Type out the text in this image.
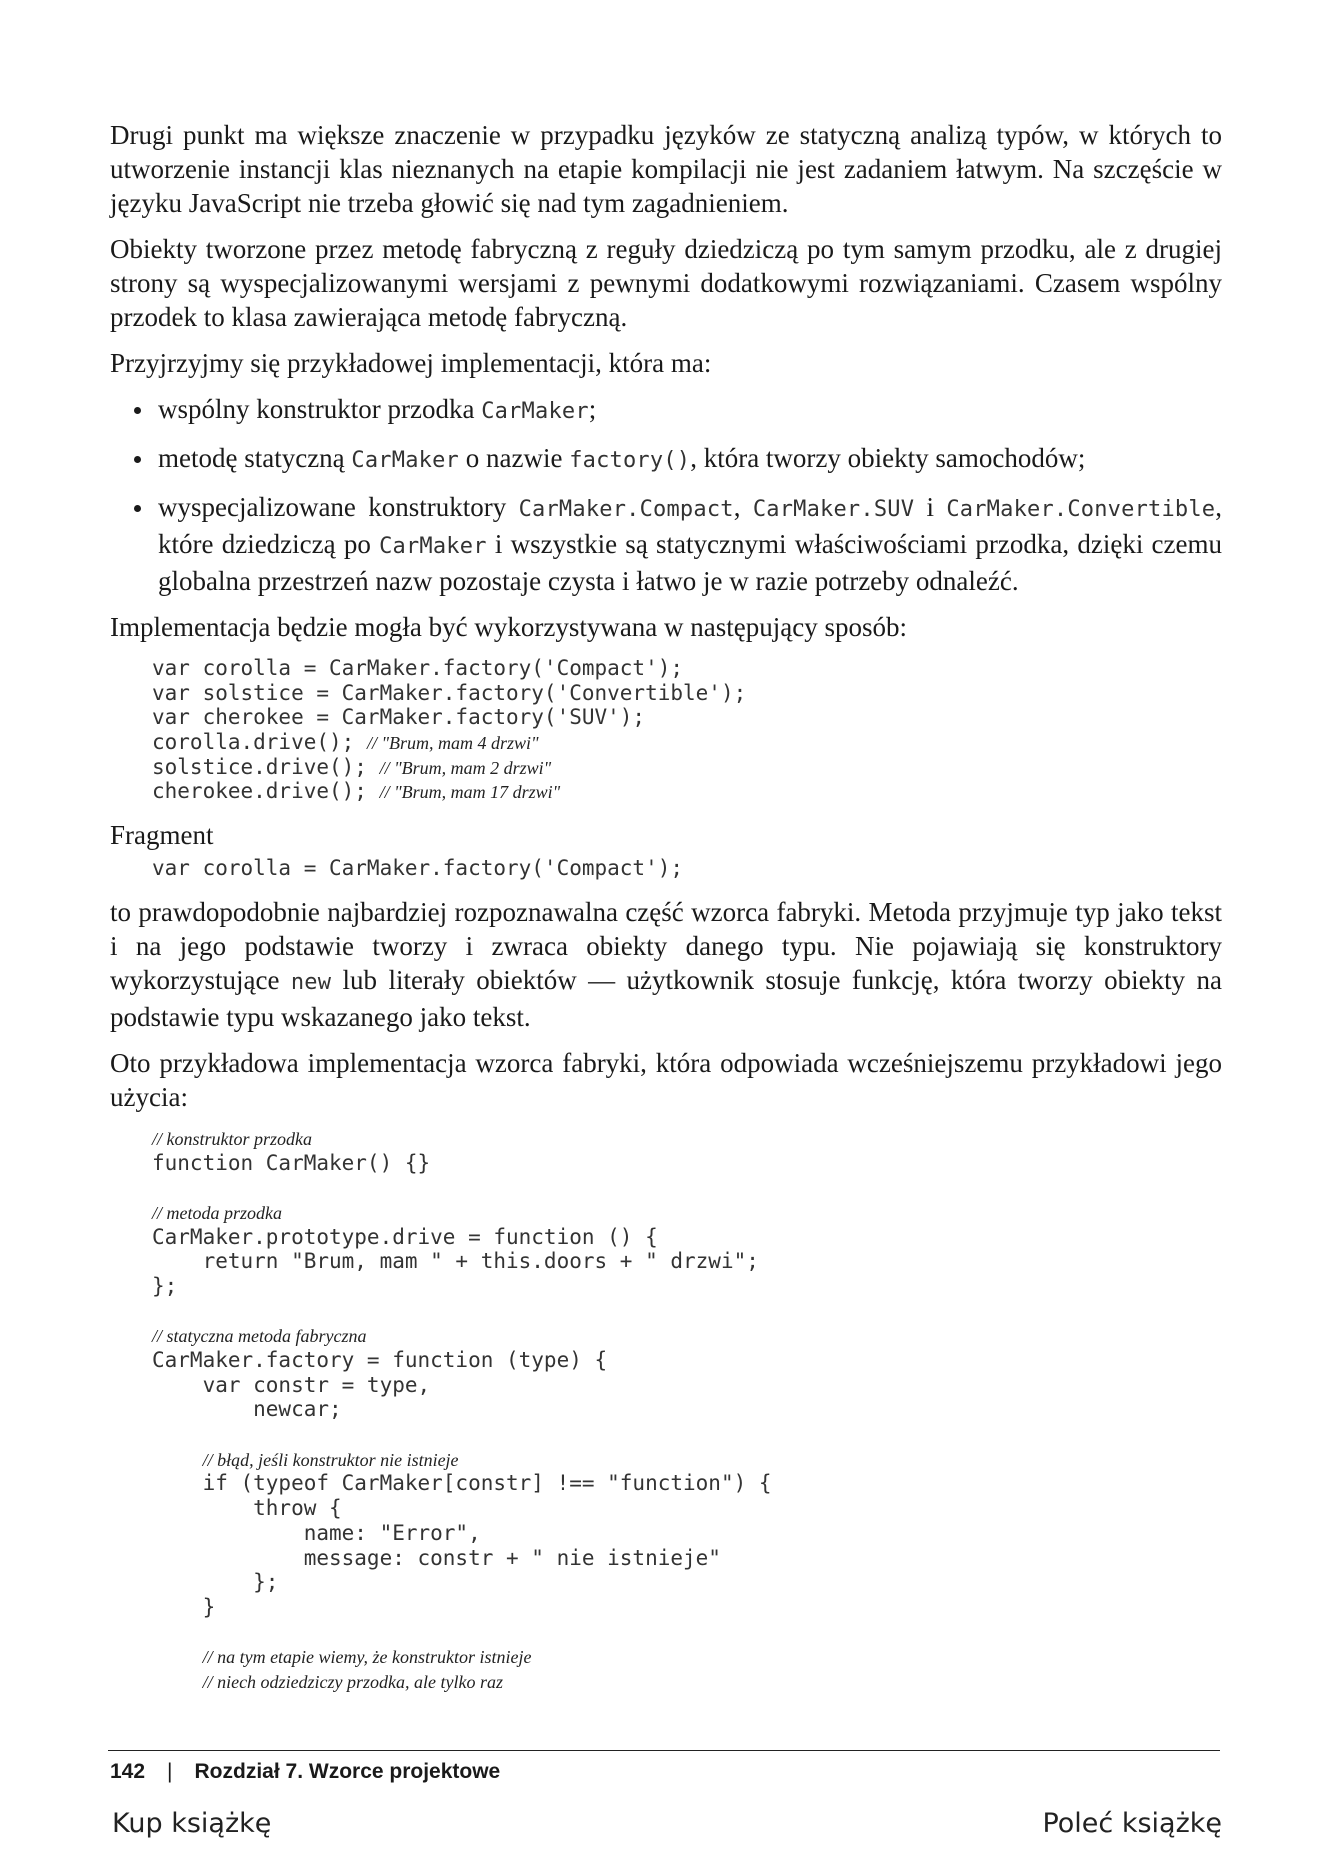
Drugi punkt ma większe znaczenie w przypadku języków ze statyczną analizą typów, w których to utworzenie instancji klas nieznanych na etapie kompilacji nie jest zadaniem łatwym. Na szczęście w języku JavaScript nie trzeba głowić się nad tym zagadnieniem.

Obiekty tworzone przez metodę fabryczną z reguły dziedziczą po tym samym przodku, ale z drugiej strony są wyspecjalizowanymi wersjami z pewnymi dodatkowymi rozwiązaniami. Czasem wspólny przodek to klasa zawierająca metodę fabryczną.

Przyjrzyjmy się przykładowej implementacji, która ma:

wspólny konstruktor przodka CarMaker;
metodę statyczną CarMaker o nazwie factory(), która tworzy obiekty samochodów;
wyspecjalizowane konstruktory CarMaker.Compact, CarMaker.SUV i CarMaker.Convertible, które dziedziczą po CarMaker i wszystkie są statycznymi właściwościami przodka, dzięki czemu globalna przestrzeń nazw pozostaje czysta i łatwo je w razie potrzeby odnaleźć.

Implementacja będzie mogła być wykorzystywana w następujący sposób:

var corolla = CarMaker.factory('Compact');
var solstice = CarMaker.factory('Convertible');
var cherokee = CarMaker.factory('SUV');
corolla.drive(); // "Brum, mam 4 drzwi"
solstice.drive(); // "Brum, mam 2 drzwi"
cherokee.drive(); // "Brum, mam 17 drzwi"

Fragment

var corolla = CarMaker.factory('Compact');

to prawdopodobnie najbardziej rozpoznawalna część wzorca fabryki. Metoda przyjmuje typ jako tekst i na jego podstawie tworzy i zwraca obiekty danego typu. Nie pojawiają się konstruktory wykorzystujące new lub literały obiektów — użytkownik stosuje funkcję, która tworzy obiekty na podstawie typu wskazanego jako tekst.

Oto przykładowa implementacja wzorca fabryki, która odpowiada wcześniejszemu przykładowi jego użycia:

// konstruktor przodka
function CarMaker() {}
// metoda przodka
CarMaker.prototype.drive = function () {
return "Brum, mam " + this.doors + " drzwi";
};
// statyczna metoda fabryczna
CarMaker.factory = function (type) {
var constr = type,
newcar;
// błąd, jeśli konstruktor nie istnieje
if (typeof CarMaker[constr] !== "function") {
throw {
name: "Error",
message: constr + " nie istnieje"
};
}
// na tym etapie wiemy, że konstruktor istnieje
// niech odziedziczy przodka, ale tylko raz
142 | Rozdział 7. Wzorce projektowe
Kup książkę	Poleć książkę
